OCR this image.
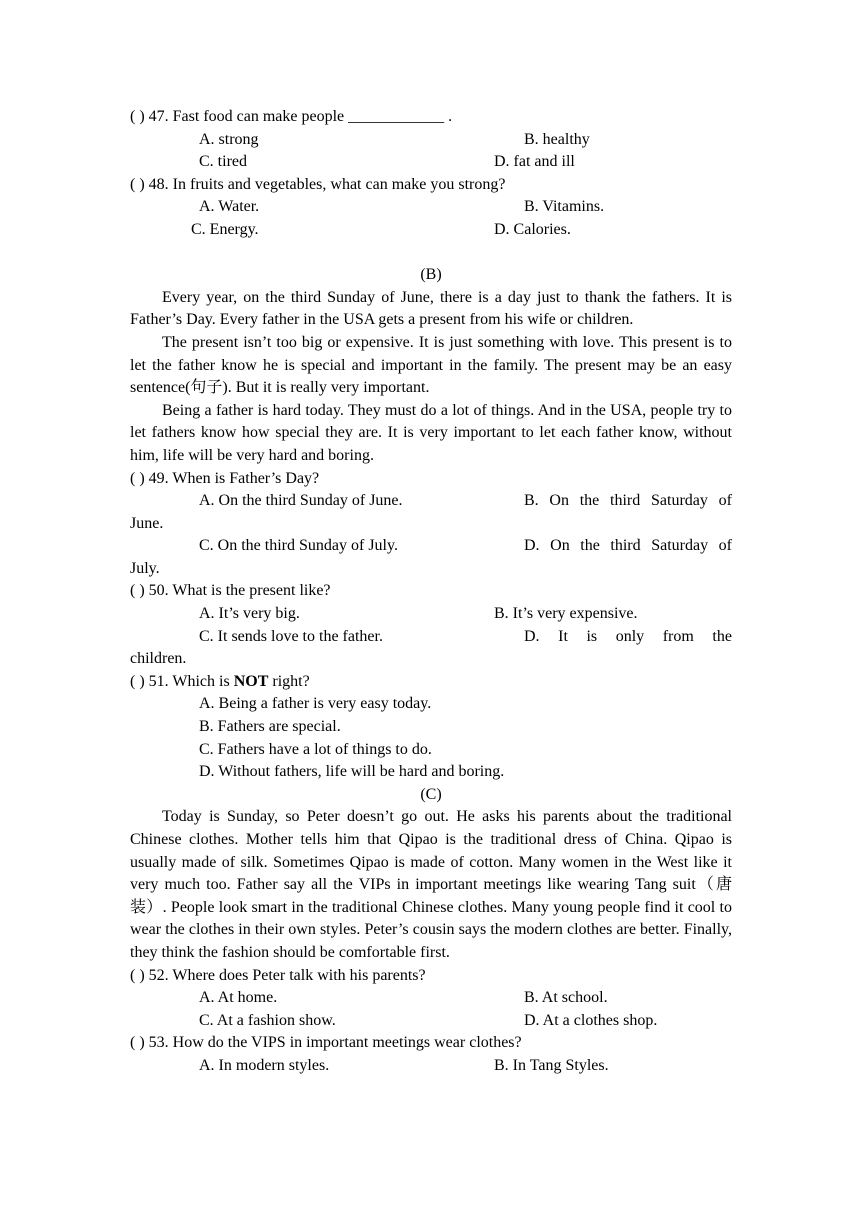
( ) 47. Fast food can make people ____________ .
A. strong	B. healthy
C. tired	D. fat and ill
( ) 48. In fruits and vegetables, what can make you strong?
A. Water.	B. Vitamins.
C. Energy.	D. Calories.
(B)

Every year, on the third Sunday of June, there is a day just to thank the fathers. It is Father’s Day. Every father in the USA gets a present from his wife or children.

The present isn’t too big or expensive. It is just something with love. This present is to let the father know he is special and important in the family. The present may be an easy sentence(句子). But it is really very important.

Being a father is hard today. They must do a lot of things. And in the USA, people try to let fathers know how special they are. It is very important to let each father know, without him, life will be very hard and boring.

( ) 49. When is Father’s Day?
A. On the third Sunday of June.	B. On the third Saturday of
June.
C. On the third Sunday of July.	D. On the third Saturday of
July.
( ) 50. What is the present like?
A. It’s very big.	B. It’s very expensive.
C. It sends love to the father.	D. It is only from the
children.
( ) 51. Which is NOT right?
A. Being a father is very easy today.
B. Fathers are special.
C. Fathers have a lot of things to do.
D. Without fathers, life will be hard and boring.
(C)

Today is Sunday, so Peter doesn’t go out. He asks his parents about the traditional Chinese clothes. Mother tells him that Qipao is the traditional dress of China. Qipao is usually made of silk. Sometimes Qipao is made of cotton. Many women in the West like it very much too. Father say all the VIPs in important meetings like wearing Tang suit（唐装）. People look smart in the traditional Chinese clothes. Many young people find it cool to wear the clothes in their own styles. Peter’s cousin says the modern clothes are better. Finally, they think the fashion should be comfortable first.

( ) 52. Where does Peter talk with his parents?
A. At home.	B. At school.
C. At a fashion show.	D. At a clothes shop.
( ) 53. How do the VIPS in important meetings wear clothes?
A. In modern styles.	B. In Tang Styles.
